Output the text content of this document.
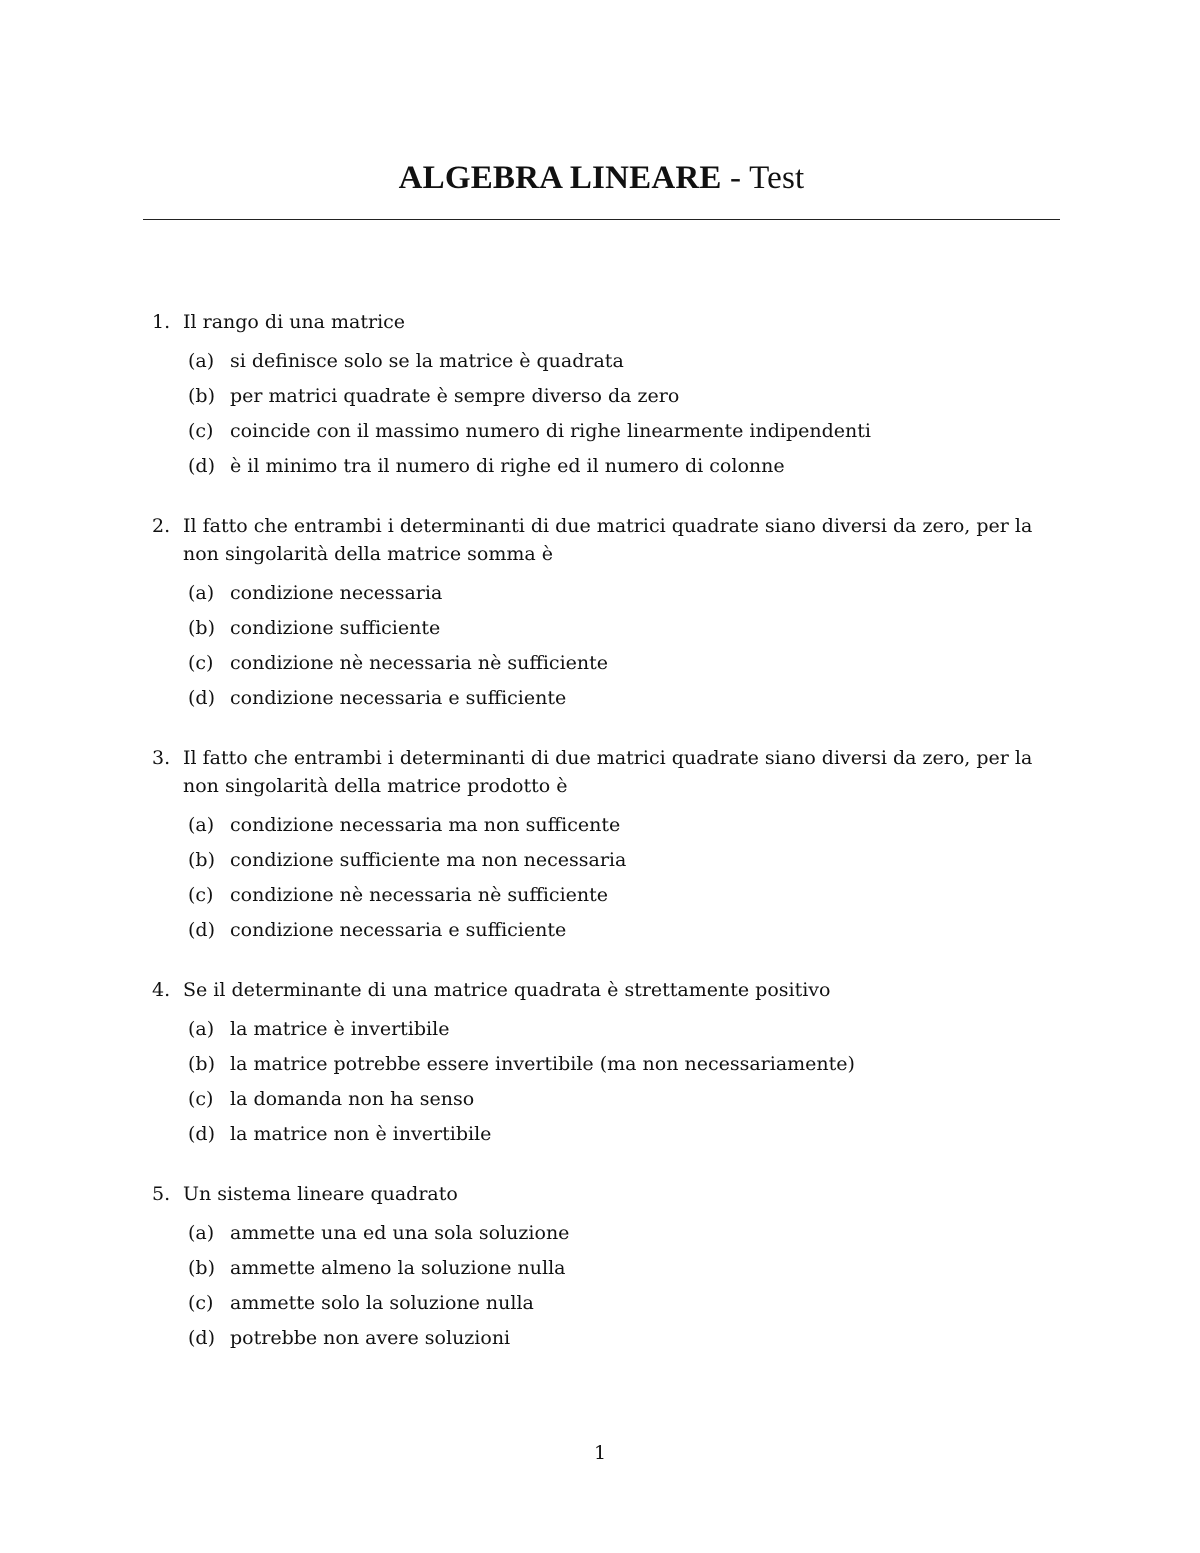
ALGEBRA LINEARE - Test
1. Il rango di una matrice
(a) si definisce solo se la matrice è quadrata
(b) per matrici quadrate è sempre diverso da zero
(c) coincide con il massimo numero di righe linearmente indipendenti
(d) è il minimo tra il numero di righe ed il numero di colonne
2. Il fatto che entrambi i determinanti di due matrici quadrate siano diversi da zero, per la non singolarità della matrice somma è
(a) condizione necessaria
(b) condizione sufficiente
(c) condizione nè necessaria nè sufficiente
(d) condizione necessaria e sufficiente
3. Il fatto che entrambi i determinanti di due matrici quadrate siano diversi da zero, per la non singolarità della matrice prodotto è
(a) condizione necessaria ma non sufficente
(b) condizione sufficiente ma non necessaria
(c) condizione nè necessaria nè sufficiente
(d) condizione necessaria e sufficiente
4. Se il determinante di una matrice quadrata è strettamente positivo
(a) la matrice è invertibile
(b) la matrice potrebbe essere invertibile (ma non necessariamente)
(c) la domanda non ha senso
(d) la matrice non è invertibile
5. Un sistema lineare quadrato
(a) ammette una ed una sola soluzione
(b) ammette almeno la soluzione nulla
(c) ammette solo la soluzione nulla
(d) potrebbe non avere soluzioni
1
